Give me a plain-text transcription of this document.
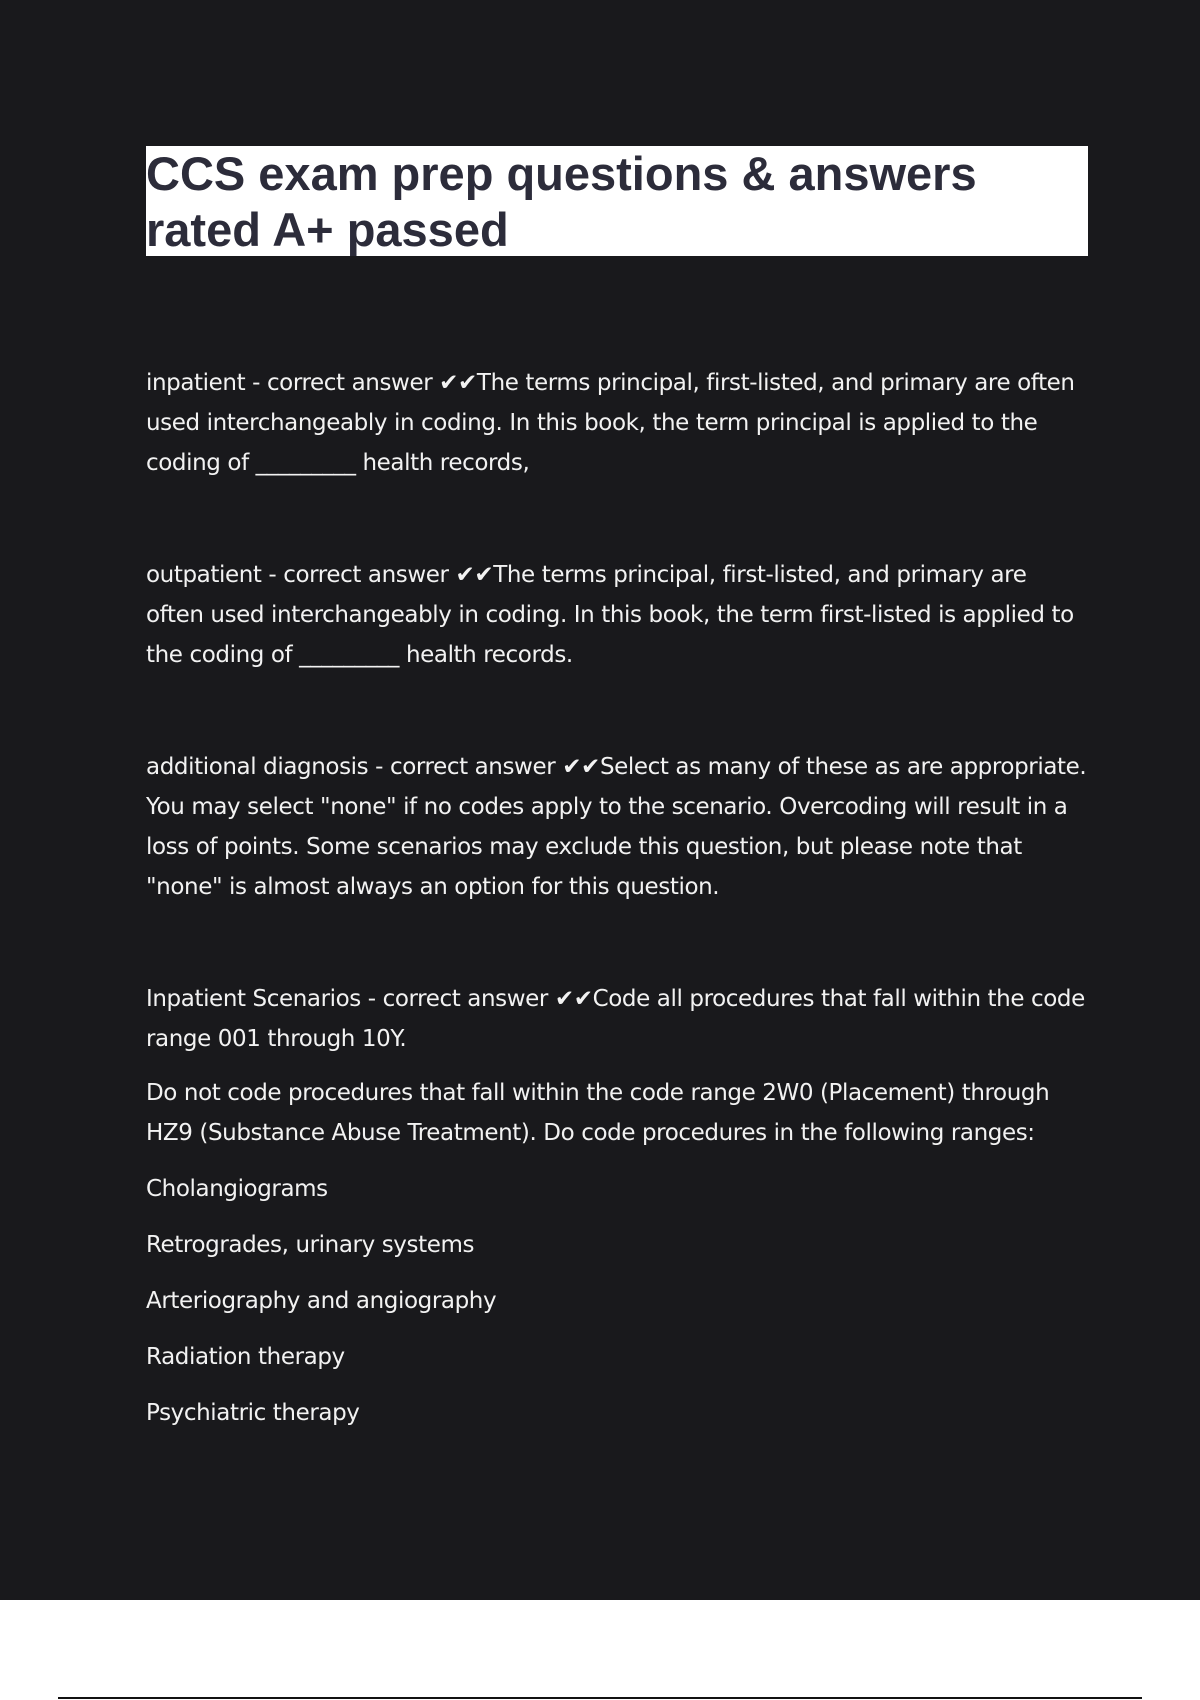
CCS exam prep questions & answers rated A+ passed

inpatient - correct answer ✔✔The terms principal, first-listed, and primary are often used interchangeably in coding. In this book, the term principal is applied to the coding of _________ health records,

outpatient - correct answer ✔✔The terms principal, first-listed, and primary are often used interchangeably in coding. In this book, the term first-listed is applied to the coding of _________ health records.

additional diagnosis - correct answer ✔✔Select as many of these as are appropriate. You may select "none" if no codes apply to the scenario. Overcoding will result in a loss of points. Some scenarios may exclude this question, but please note that "none" is almost always an option for this question.

Inpatient Scenarios - correct answer ✔✔Code all procedures that fall within the code range 001 through 10Y.

Do not code procedures that fall within the code range 2W0 (Placement) through HZ9 (Substance Abuse Treatment). Do code procedures in the following ranges:

Cholangiograms

Retrogrades, urinary systems

Arteriography and angiography

Radiation therapy

Psychiatric therapy
